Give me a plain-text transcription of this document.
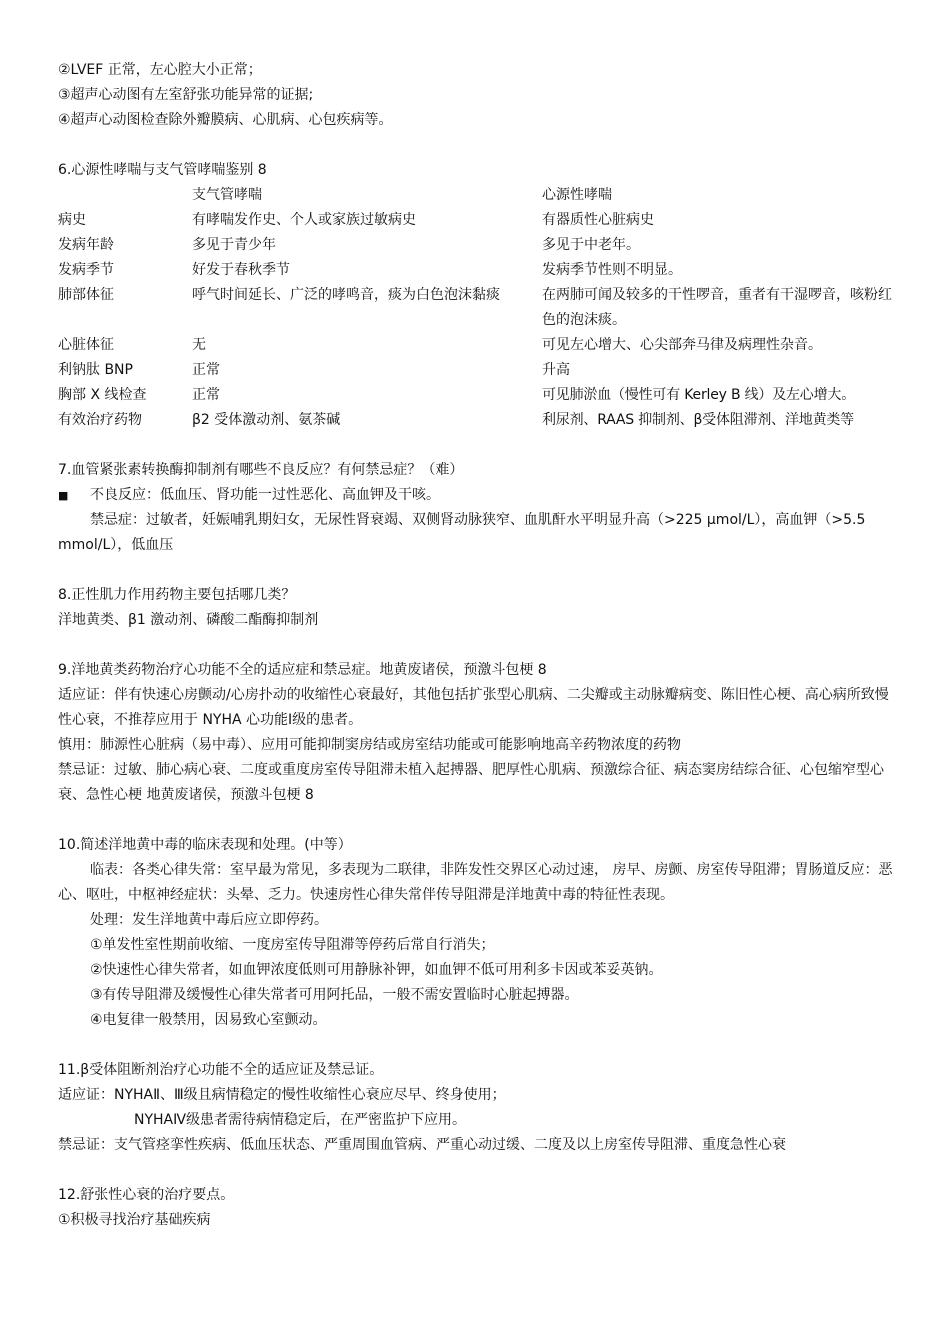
②LVEF 正常，左心腔大小正常；
③超声心动图有左室舒张功能异常的证据;
④超声心动图检查除外瓣膜病、心肌病、心包疾病等。
6.心源性哮喘与支气管哮喘鉴别 8
	支气管哮喘	心源性哮喘
病史	有哮喘发作史、个人或家族过敏病史	有器质性心脏病史
发病年龄	多见于青少年	多见于中老年。
发病季节	好发于春秋季节	发病季节性则不明显。
肺部体征	呼气时间延长、广泛的哮鸣音，痰为白色泡沫黏痰	在两肺可闻及较多的干性啰音，重者有干湿啰音，咳粉红色的泡沫痰。
心脏体征	无	可见左心增大、心尖部奔马律及病理性杂音。
利钠肽 BNP	正常	升高
胸部 X 线检查	正常	可见肺淤血（慢性可有 Kerley B 线）及左心增大。
有效治疗药物	β2 受体激动剂、氨茶碱	利尿剂、RAAS 抑制剂、β受体阻滞剂、洋地黄类等
7.血管紧张素转换酶抑制剂有哪些不良反应？有何禁忌症？（难）
■ 不良反应：低血压、肾功能一过性恶化、高血钾及干咳。
禁忌症：过敏者，妊娠哺乳期妇女，无尿性肾衰竭、双侧肾动脉狭窄、血肌酐水平明显升高（>225 μmol/L），高血钾（>5.5 mmol/L），低血压
8.正性肌力作用药物主要包括哪几类？
洋地黄类、β1 激动剂、磷酸二酯酶抑制剂
9.洋地黄类药物治疗心功能不全的适应症和禁忌症。地黄废诸侯，预激斗包梗 8
适应证：伴有快速心房颤动/心房扑动的收缩性心衰最好，其他包括扩张型心肌病、二尖瓣或主动脉瓣病变、陈旧性心梗、高心病所致慢性心衰，不推荐应用于 NYHA 心功能Ⅰ级的患者。
慎用：肺源性心脏病（易中毒）、应用可能抑制窦房结或房室结功能或可能影响地高辛药物浓度的药物
禁忌证：过敏、肺心病心衰、二度或重度房室传导阻滞未植入起搏器、肥厚性心肌病、预激综合征、病态窦房结综合征、心包缩窄型心衰、急性心梗 地黄废诸侯，预激斗包梗 8
10.简述洋地黄中毒的临床表现和处理。(中等）
临表：各类心律失常：室早最为常见，多表现为二联律，非阵发性交界区心动过速， 房早、房颤、房室传导阻滞；胃肠道反应：恶心、呕吐，中枢神经症状：头晕、乏力。快速房性心律失常伴传导阻滞是洋地黄中毒的特征性表现。
处理：发生洋地黄中毒后应立即停药。
①单发性室性期前收缩、一度房室传导阻滞等停药后常自行消失；
②快速性心律失常者，如血钾浓度低则可用静脉补钾，如血钾不低可用利多卡因或苯妥英钠。
③有传导阻滞及缓慢性心律失常者可用阿托品，一般不需安置临时心脏起搏器。
④电复律一般禁用，因易致心室颤动。
11.β受体阻断剂治疗心功能不全的适应证及禁忌证。
适应证：NYHAⅡ、Ⅲ级且病情稳定的慢性收缩性心衰应尽早、终身使用；
NYHAⅣ级患者需待病情稳定后，在严密监护下应用。
禁忌证：支气管痉挛性疾病、低血压状态、严重周围血管病、严重心动过缓、二度及以上房室传导阻滞、重度急性心衰
12.舒张性心衰的治疗要点。
①积极寻找治疗基础疾病
